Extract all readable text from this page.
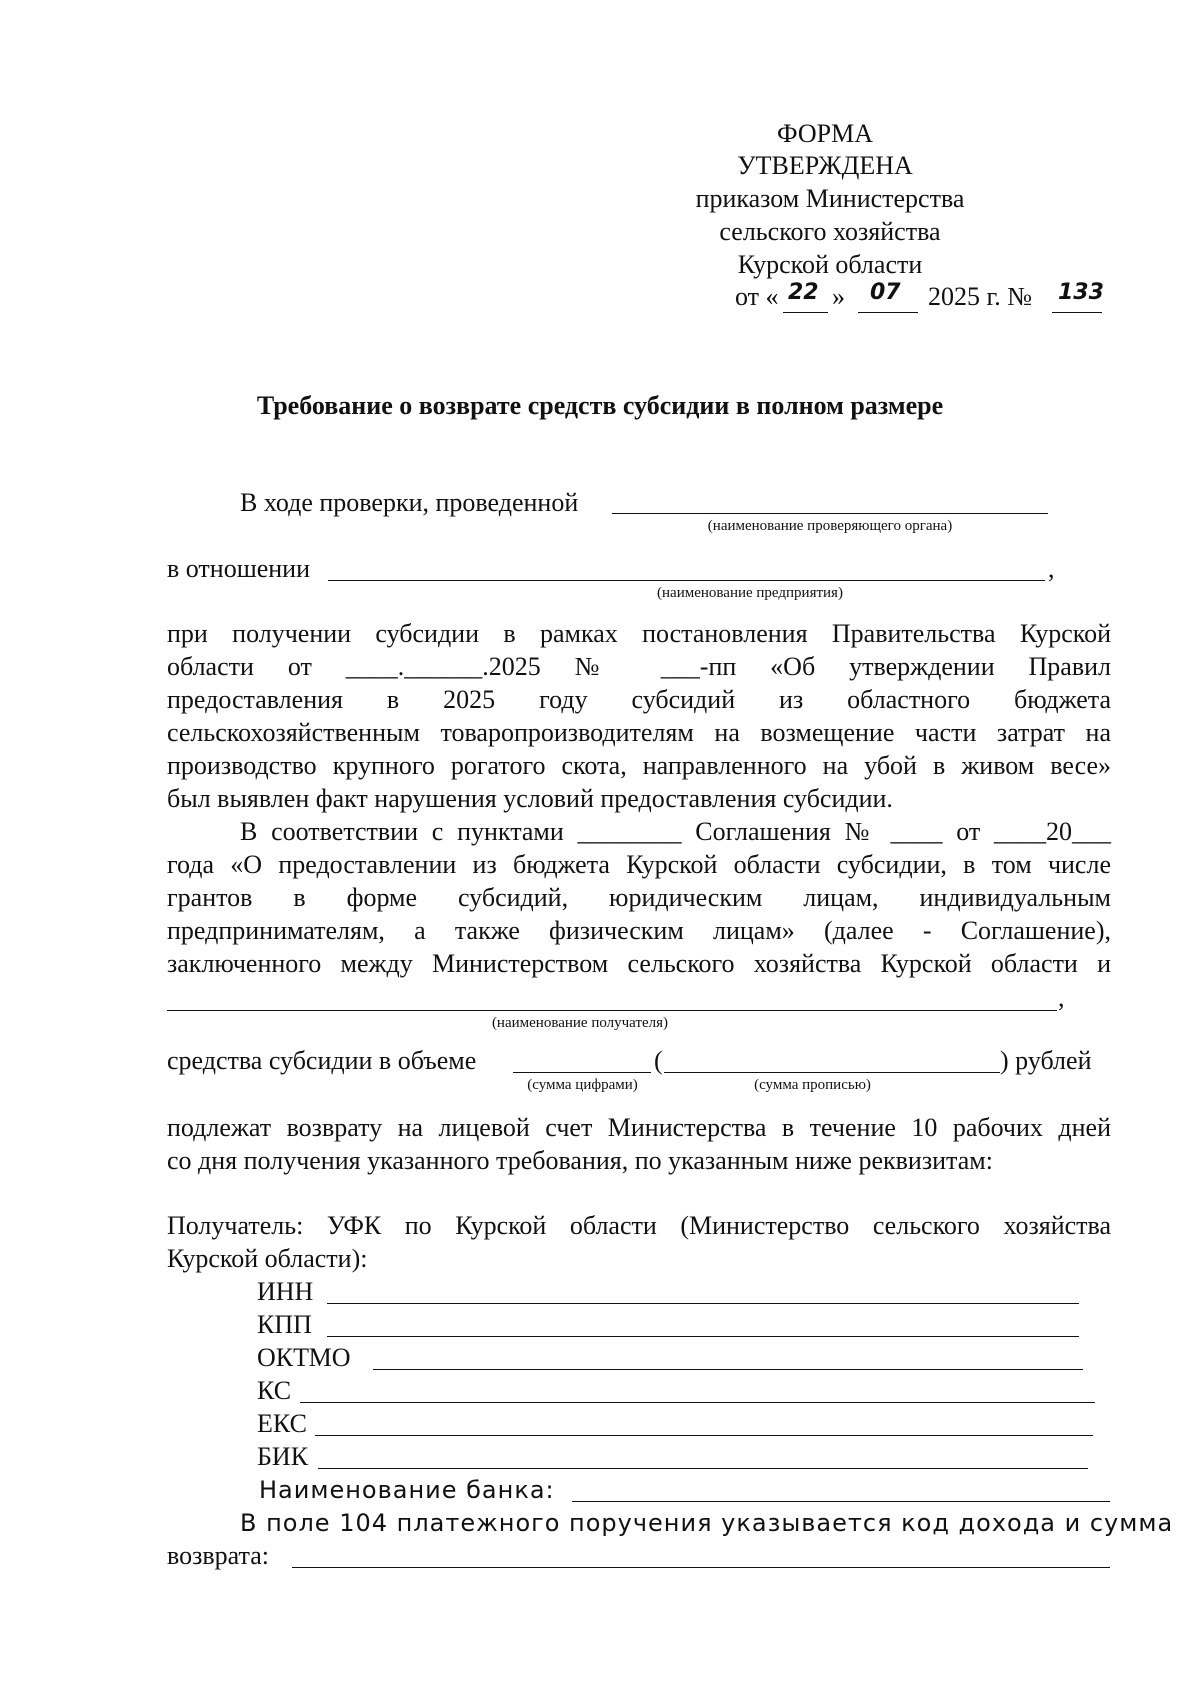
ФОРМА
УТВЕРЖДЕНА
приказом Министерства
сельского хозяйства
Курской области
от « 22 » 07 2025 г. № 133
Требование о возврате средств субсидии в полном размере
В ходе проверки, проведенной
(наименование проверяющего органа)
в отношении	,
(наименование предприятия)
при получении субсидии в рамках постановления Правительства Курской
области от ____.______.2025 № ___-пп «Об утверждении Правил
предоставления в 2025 году субсидий из областного бюджета
сельскохозяйственным товаропроизводителям на возмещение части затрат на
производство крупного рогатого скота, направленного на убой в живом весе»
был выявлен факт нарушения условий предоставления субсидии.
В соответствии с пунктами ________ Соглашения № ____ от ____20___
года «О предоставлении из бюджета Курской области субсидии, в том числе
грантов в форме субсидий, юридическим лицам, индивидуальным
предпринимателям, а также физическим лицам» (далее - Соглашение),
заключенного между Министерством сельского хозяйства Курской области и
,
(наименование получателя)
средства субсидии в объеме	(	) рублей
(сумма цифрами)	(сумма прописью)
подлежат возврату на лицевой счет Министерства в течение 10 рабочих дней
со дня получения указанного требования, по указанным ниже реквизитам:
Получатель: УФК по Курской области (Министерство сельского хозяйства
Курской области):
ИНН
КПП
ОКТМО
КС
ЕКС
БИК
Наименование банка:
В поле 104 платежного поручения указывается код дохода и сумма
возврата:
